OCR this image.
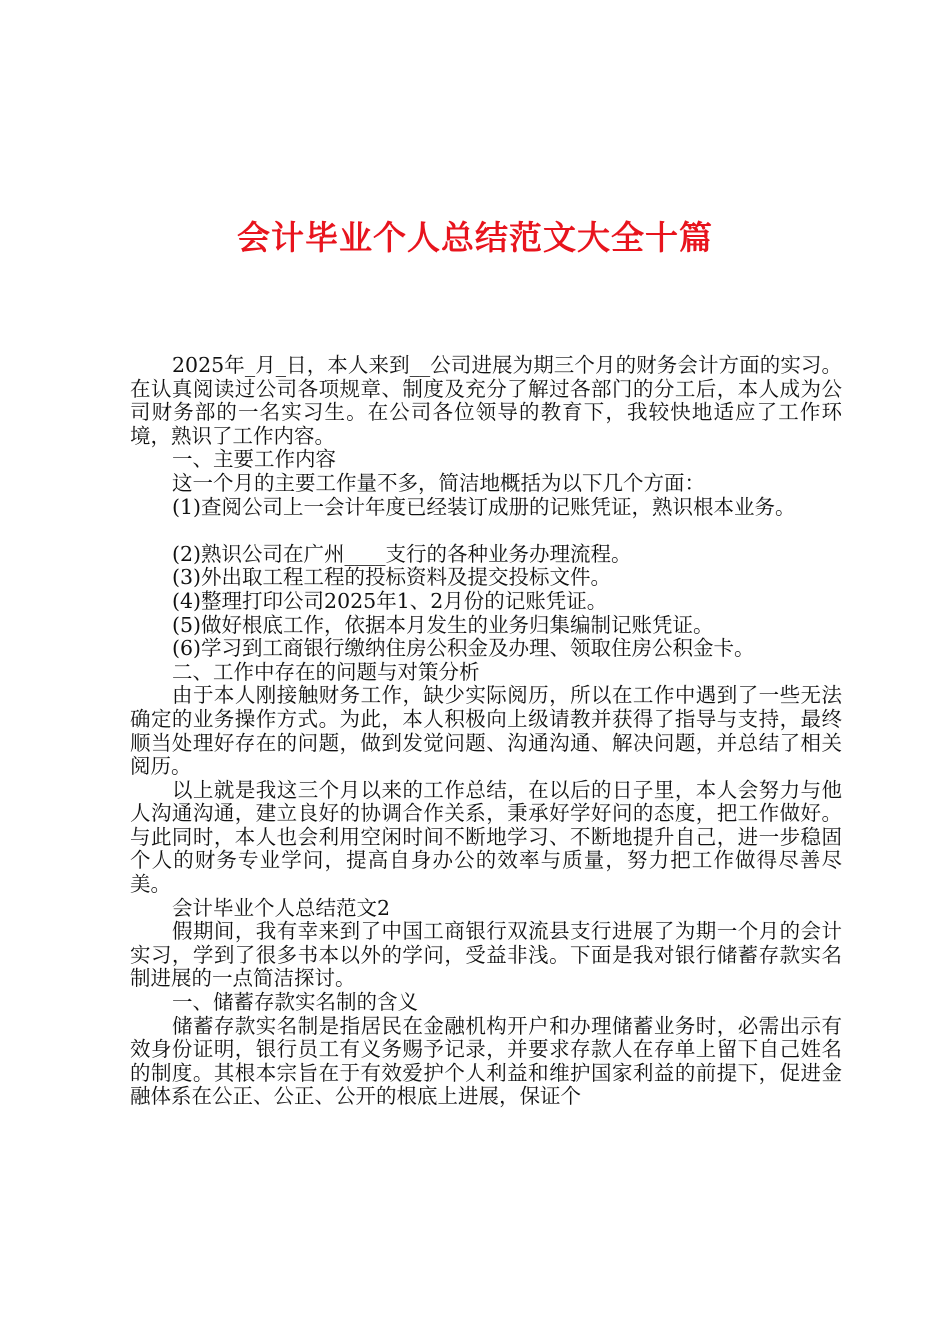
会计毕业个人总结范文大全十篇

2025年_月_日，本人来到__公司进展为期三个月的财务会计方面的实习。在认真阅读过公司各项规章、制度及充分了解过各部门的分工后，本人成为公司财务部的一名实习生。在公司各位领导的教育下，我较快地适应了工作环境，熟识了工作内容。

一、主要工作内容

这一个月的主要工作量不多，简洁地概括为以下几个方面：

(1)查阅公司上一会计年度已经装订成册的记账凭证，熟识根本业务。

(2)熟识公司在广州____支行的各种业务办理流程。

(3)外出取工程工程的投标资料及提交投标文件。

(4)整理打印公司2025年1、2月份的记账凭证。

(5)做好根底工作，依据本月发生的业务归集编制记账凭证。

(6)学习到工商银行缴纳住房公积金及办理、领取住房公积金卡。

二、工作中存在的问题与对策分析

由于本人刚接触财务工作，缺少实际阅历，所以在工作中遇到了一些无法确定的业务操作方式。为此，本人积极向上级请教并获得了指导与支持，最终顺当处理好存在的问题，做到发觉问题、沟通沟通、解决问题，并总结了相关阅历。

以上就是我这三个月以来的工作总结，在以后的日子里，本人会努力与他人沟通沟通，建立良好的协调合作关系，秉承好学好问的态度，把工作做好。与此同时，本人也会利用空闲时间不断地学习、不断地提升自己，进一步稳固个人的财务专业学问，提高自身办公的效率与质量，努力把工作做得尽善尽美。

会计毕业个人总结范文2

假期间，我有幸来到了中国工商银行双流县支行进展了为期一个月的会计实习，学到了很多书本以外的学问，受益非浅。下面是我对银行储蓄存款实名制进展的一点简洁探讨。

一、储蓄存款实名制的含义

储蓄存款实名制是指居民在金融机构开户和办理储蓄业务时，必需出示有效身份证明，银行员工有义务赐予记录，并要求存款人在存单上留下自己姓名的制度。其根本宗旨在于有效爱护个人利益和维护国家利益的前提下，促进金融体系在公正、公正、公开的根底上进展，保证个
